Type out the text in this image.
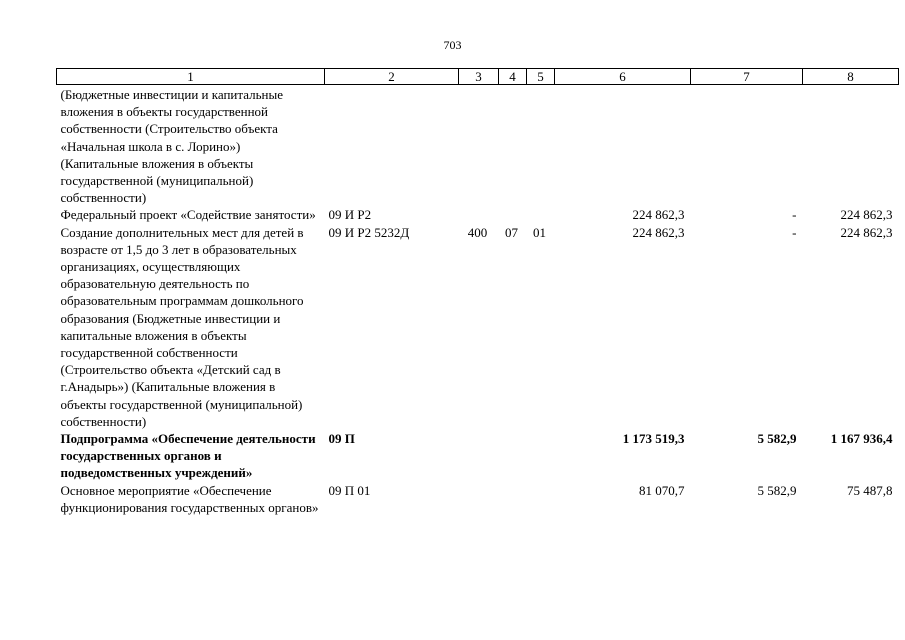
703
1	2	3	4	5	6	7	8
(Бюджетные инвестиции и капитальные вложения в объекты государственной собственности (Строительство объекта «Начальная школа в с. Лорино») (Капитальные вложения в объекты государственной (муниципальной) собственности)							
Федеральный проект «Содействие занятости»	09 И Р2				224 862,3	-	224 862,3
Создание дополнительных мест для детей в возрасте от 1,5 до 3 лет в образовательных организациях, осуществляющих образовательную деятельность по образовательным программам дошкольного образования (Бюджетные инвестиции и капитальные вложения в объекты государственной собственности (Строительство объекта «Детский сад в г.Анадырь») (Капитальные вложения в объекты государственной (муниципальной) собственности)	09 И Р2 5232Д	400	07	01	224 862,3	-	224 862,3
Подпрограмма «Обеспечение деятельности государственных органов и подведомственных учреждений»	09 П				1 173 519,3	5 582,9	1 167 936,4
Основное мероприятие «Обеспечение функционирования государственных органов»	09 П 01				81 070,7	5 582,9	75 487,8
